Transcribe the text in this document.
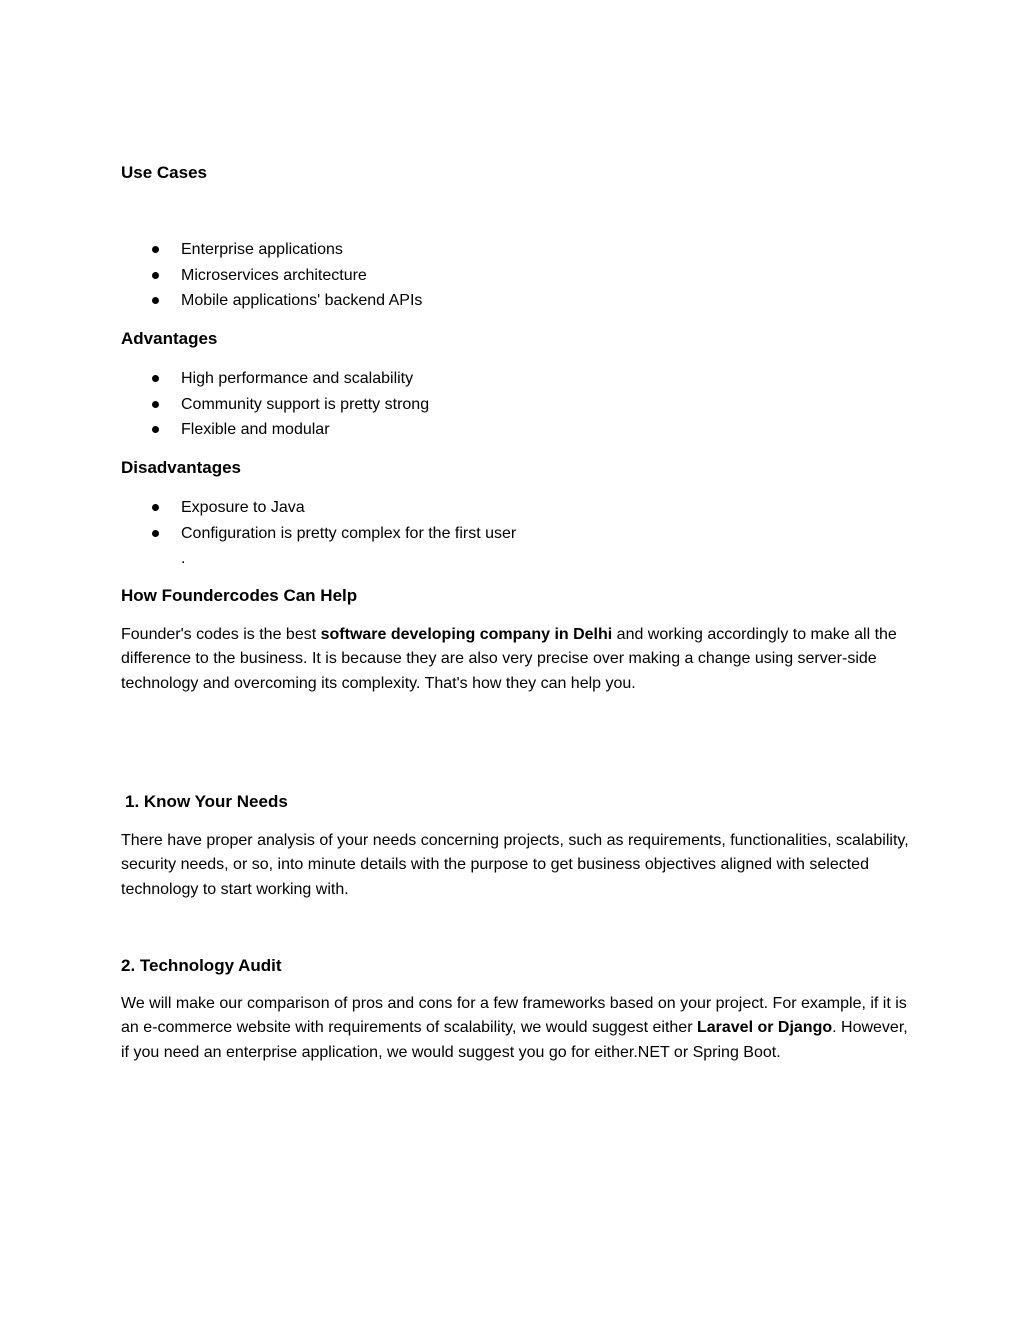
Use Cases
Enterprise applications
Microservices architecture
Mobile applications' backend APIs
Advantages
High performance and scalability
Community support is pretty strong
Flexible and modular
Disadvantages
Exposure to Java
Configuration is pretty complex for the first user
.
How Foundercodes Can Help

Founder's codes is the best software developing company in Delhi and working accordingly to make all the difference to the business. It is because they are also very precise over making a change using server-side technology and overcoming its complexity. That's how they can help you.

1. Know Your Needs

There have proper analysis of your needs concerning projects, such as requirements, functionalities, scalability, security needs, or so, into minute details with the purpose to get business objectives aligned with selected technology to start working with.

2. Technology Audit

We will make our comparison of pros and cons for a few frameworks based on your project. For example, if it is an e-commerce website with requirements of scalability, we would suggest either Laravel or Django. However, if you need an enterprise application, we would suggest you go for either.NET or Spring Boot.
